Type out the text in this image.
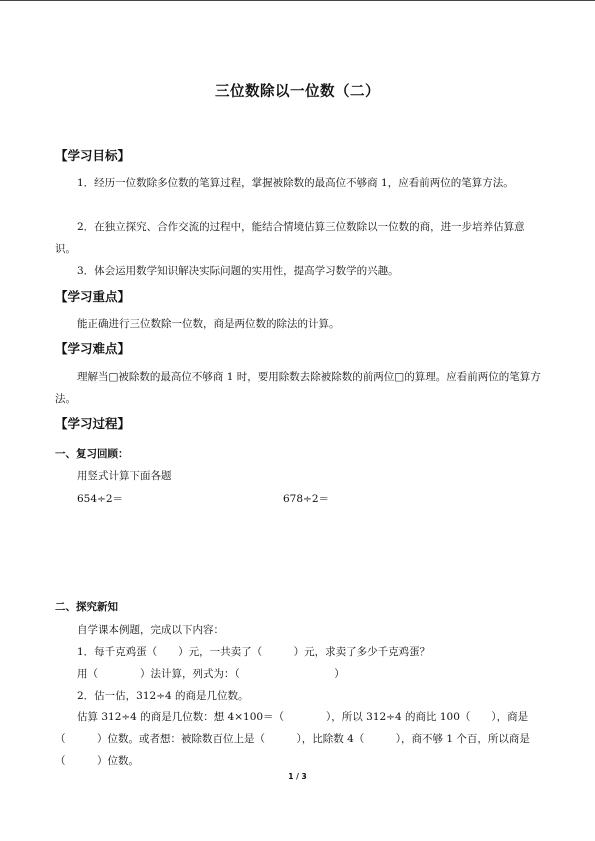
三位数除以一位数（二）
【学习目标】

1．经历一位数除多位数的笔算过程，掌握被除数的最高位不够商 1，应看前两位的笔算方法。

2．在独立探究、合作交流的过程中，能结合情境估算三位数除以一位数的商，进一步培养估算意识。

3．体会运用数学知识解决实际问题的实用性，提高学习数学的兴趣。

【学习重点】

能正确进行三位数除一位数，商是两位数的除法的计算。

【学习难点】

理解当□被除数的最高位不够商 1 时，要用除数去除被除数的前两位□的算理。应看前两位的笔算方法。

【学习过程】
一、复习回顾：
用竖式计算下面各题
654÷2＝	678÷2＝
二、探究新知
自学课本例题，完成以下内容：
1．每千克鸡蛋（　　）元，一共卖了（　　　）元，求卖了多少千克鸡蛋？
用（　　　　）法计算，列式为：（　　　　　　　　　）
2．估一估，312÷4 的商是几位数。

估算 312÷4 的商是几位数：想 4×100＝（　　　　），所以 312÷4 的商比 100（　　），商是（　　　）位数。或者想：被除数百位上是（　　　），比除数 4（　　　），商不够 1 个百，所以商是（　　　）位数。

1 / 3
